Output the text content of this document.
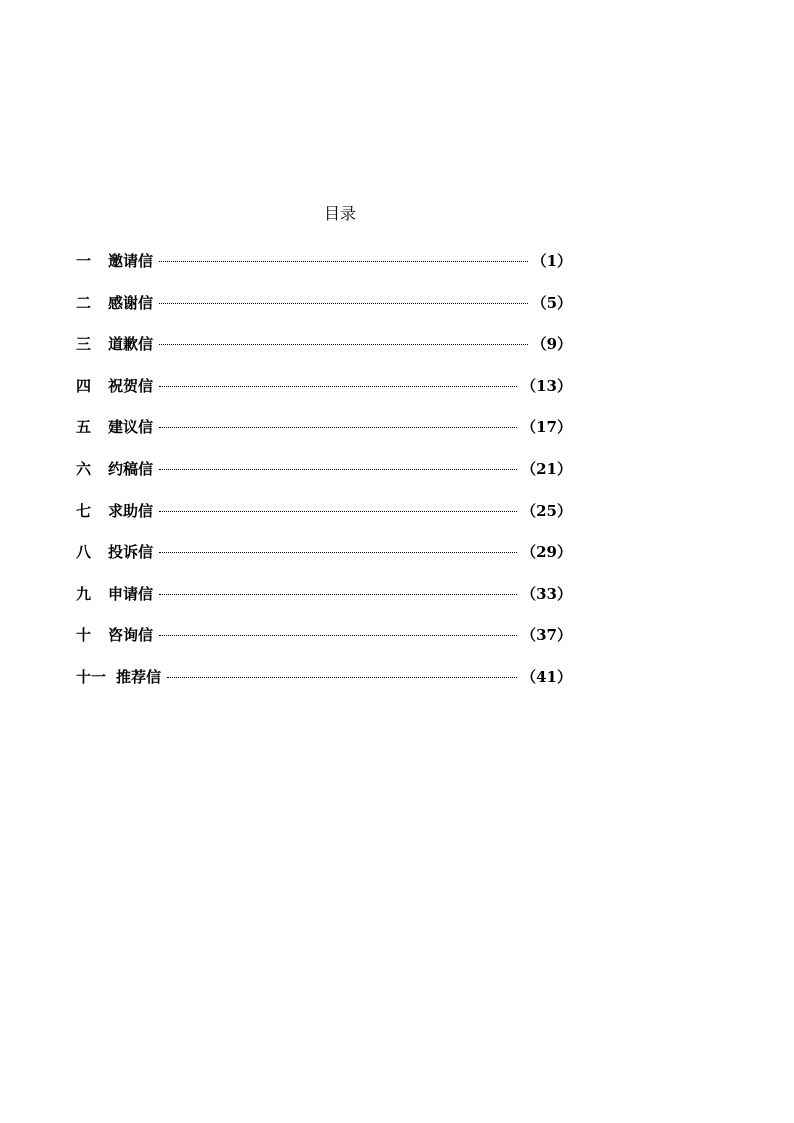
目录
一	邀请信	（1）
二	感谢信	（5）
三	道歉信	（9）
四	祝贺信	（13）
五	建议信	（17）
六	约稿信	（21）
七	求助信	（25）
八	投诉信	（29）
九	申请信	（33）
十	咨询信	（37）
十一 推荐信	（41）
